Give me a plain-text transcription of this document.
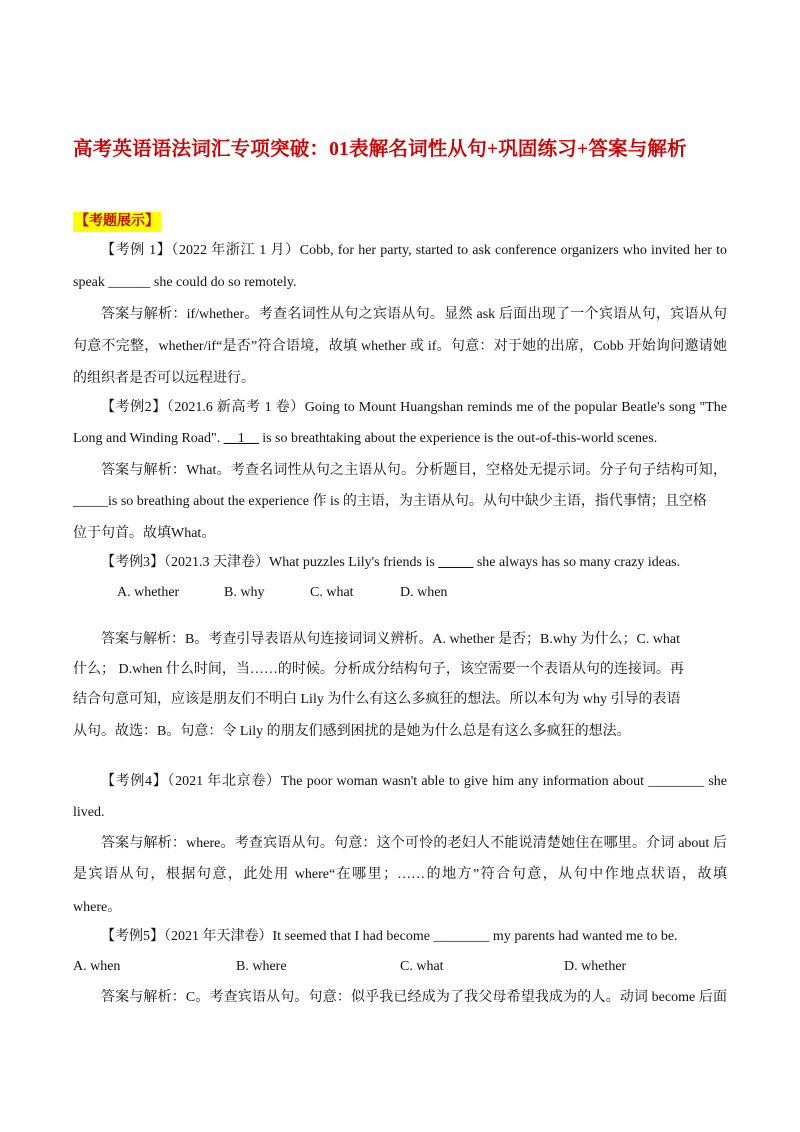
高考英语语法词汇专项突破：01表解名词性从句+巩固练习+答案与解析
【考题展示】
【考例 1】（2022 年浙江 1 月）Cobb, for her party, started to ask conference organizers who invited her to
speak ______ she could do so remotely.
答案与解析：if/whether。考查名词性从句之宾语从句。显然 ask 后面出现了一个宾语从句，宾语从句
句意不完整，whether/if“是否”符合语境，故填 whether 或 if。句意：对于她的出席，Cobb 开始询问邀请她
的组织者是否可以远程进行。
【考例2】（2021.6 新高考 1 卷）Going to Mount Huangshan reminds me of the popular Beatle's song "The
Long and Winding Road". __1__ is so breathtaking about the experience is the out-of-this-world scenes.
答案与解析：What。考查名词性从句之主语从句。分析题目，空格处无提示词。分子句子结构可知，
_____is so breathing about the experience 作 is 的主语，为主语从句。从句中缺少主语，指代事情；且空格
位于句首。故填What。
【考例3】（2021.3 天津卷）What puzzles Lily's friends is _____ she always has so many crazy ideas.
A. whether	B. why	C. what	D. when
答案与解析：B。考查引导表语从句连接词词义辨析。A. whether 是否；B.why 为什么；C. what
什么； D.when 什么时间，当……的时候。分析成分结构句子，该空需要一个表语从句的连接词。再
结合句意可知，应该是朋友们不明白 Lily 为什么有这么多疯狂的想法。所以本句为 why 引导的表语
从句。故选：B。句意：令 Lily 的朋友们感到困扰的是她为什么总是有这么多疯狂的想法。
【考例4】（2021 年北京卷）The poor woman wasn't able to give him any information about ________ she
lived.
答案与解析：where。考查宾语从句。句意：这个可怜的老妇人不能说清楚她住在哪里。介词 about 后
是宾语从句，根据句意，此处用 where“在哪里；……的地方”符合句意，从句中作地点状语，故填
where。
【考例5】（2021 年天津卷）It seemed that I had become ________ my parents had wanted me to be.
A. when	B. where	C. what	D. whether
答案与解析：C。考查宾语从句。句意：似乎我已经成为了我父母希望我成为的人。动词 become 后面
